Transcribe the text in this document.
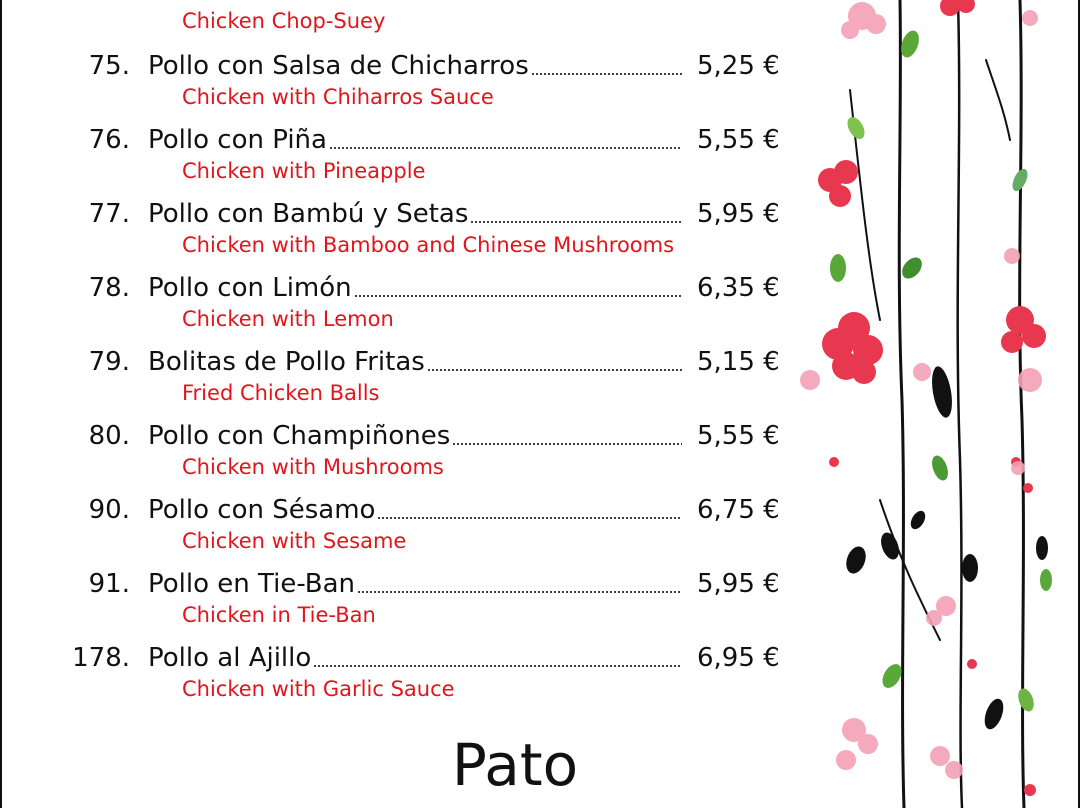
Chicken Chop-Suey
75. Pollo con Salsa de Chicharros	5,25 €
Chicken with Chiharros Sauce
76. Pollo con Piña	5,55 €
Chicken with Pineapple
77. Pollo con Bambú y Setas	5,95 €
Chicken with Bamboo and Chinese Mushrooms
78. Pollo con Limón	6,35 €
Chicken with Lemon
79. Bolitas de Pollo Fritas	5,15 €
Fried Chicken Balls
80. Pollo con Champiñones	5,55 €
Chicken with Mushrooms
90. Pollo con Sésamo	6,75 €
Chicken with Sesame
91. Pollo en Tie-Ban	5,95 €
Chicken in Tie-Ban
178. Pollo al Ajillo	6,95 €
Chicken with Garlic Sauce
Pato
